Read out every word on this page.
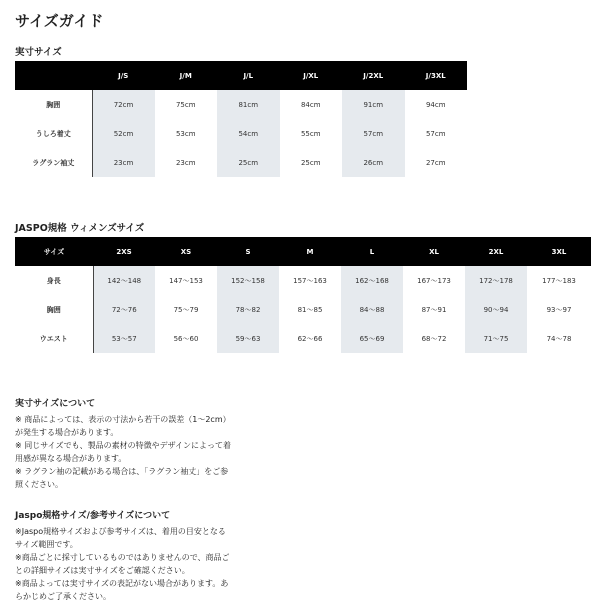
サイズガイド
実寸サイズ
	J/S	J/M	J/L	J/XL	J/2XL	J/3XL
胸囲	72cm	75cm	81cm	84cm	91cm	94cm
うしろ着丈	52cm	53cm	54cm	55cm	57cm	57cm
ラグラン袖丈	23cm	23cm	25cm	25cm	26cm	27cm
JASPO規格 ウィメンズサイズ
サイズ	2XS	XS	S	M	L	XL	2XL	3XL
身長	142～148	147～153	152～158	157～163	162～168	167～173	172～178	177～183
胸囲	72～76	75～79	78～82	81～85	84～88	87～91	90～94	93～97
ウエスト	53～57	56～60	59～63	62～66	65～69	68～72	71～75	74～78
実寸サイズについて

※ 商品によっては、表示の寸法から若干の誤差（1～2cm）

が発生する場合があります。

※ 同じサイズでも、製品の素材の特徴やデザインによって着

用感が異なる場合があります。

※ ラグラン袖の記載がある場合は、「ラグラン袖丈」をご参

照ください。

Jaspo規格サイズ/参考サイズについて

※Jaspo規格サイズおよび参考サイズは、着用の目安となる

サイズ範囲です。

※商品ごとに採寸しているものではありませんので、商品ご

との詳細サイズは実寸サイズをご確認ください。

※商品よっては実寸サイズの表記がない場合があります。あ

らかじめご了承ください。
